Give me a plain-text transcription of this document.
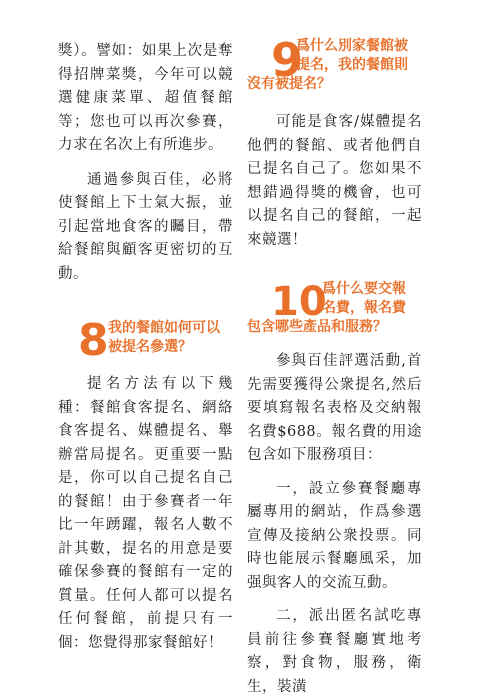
獎）。譬如：如果上次是奪得招牌菜獎，今年可以競選健康菜單、超值餐館等；您也可以再次參賽，力求在名次上有所進步。

通過參與百佳，必將使餐館上下士氣大振，並引起當地食客的矚目，帶給餐館與顧客更密切的互動。

8 我的餐館如何可以
被提名參選？

提名方法有以下幾種：餐館食客提名、網絡食客提名、媒體提名、舉辦當局提名。更重要一點是，你可以自己提名自己的餐館！由于參賽者一年比一年踴躍，報名人數不計其數，提名的用意是要確保參賽的餐館有一定的質量。任何人都可以提名任何餐館，前提只有一個：您覺得那家餐館好！

9
爲什么別家餐館被
提名，我的餐館則
沒有被提名？

可能是食客/媒體提名他們的餐館、或者他們自已提名自己了。您如果不想錯過得獎的機會，也可以提名自己的餐館，一起來競選！

10
爲什么要交報
名費，報名費
包含哪些產品和服務？

參與百佳評選活動,首先需要獲得公衆提名,然后要填寫報名表格及交納報名費$688。報名費的用途包含如下服務項目：

一，設立參賽餐廳專屬專用的網站，作爲參選宣傳及接納公衆投票。同時也能展示餐廳風采，加强與客人的交流互動。

二，派出匿名試吃專員前往參賽餐廳實地考察，對食物，服務，衛生，裝潢
